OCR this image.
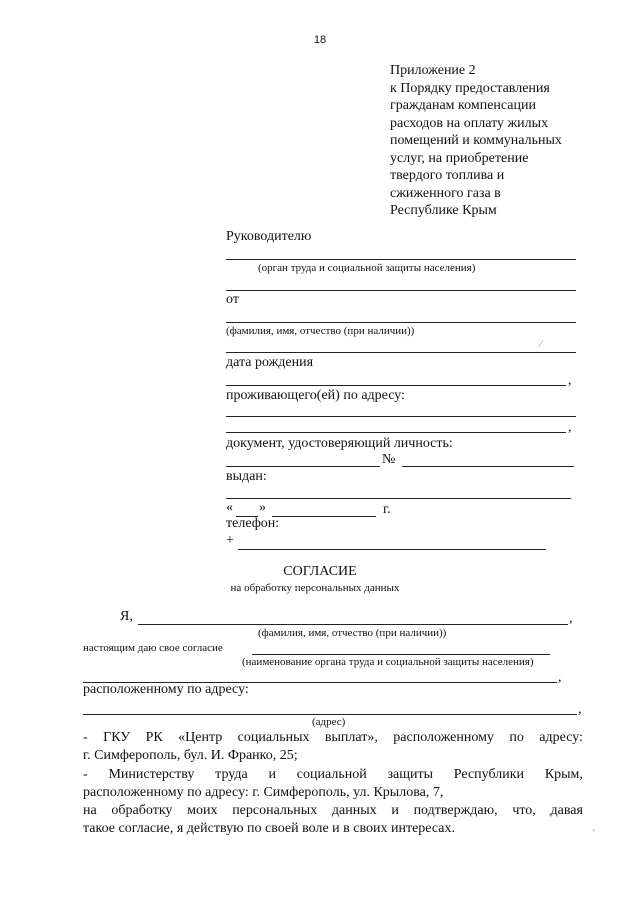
18
Приложение 2
к Порядку предоставления
гражданам компенсации
расходов на оплату жилых
помещений и коммунальных
услуг, на приобретение
твердого топлива и
сжиженного газа в
Республике Крым
Руководителю
(орган труда и социальной защиты населения)
от
(фамилия, имя, отчество (при наличии))
⁄
дата рождения
,
проживающего(ей) по адресу:
,
документ, удостоверяющий личность:
№
выдан:
« »	г.
телефон:
+
СОГЛАСИЕ
на обработку персональных данных
Я,	,
(фамилия, имя, отчество (при наличии))
настоящим даю свое согласие
(наименование органа труда и социальной защиты населения)
,
расположенному по адресу:
,
(адрес)
- ГКУ РК «Центр социальных выплат», расположенному по адресу:
г. Симферополь, бул. И. Франко, 25;
- Министерству труда и социальной защиты Республики Крым,
расположенному по адресу: г. Симферополь, ул. Крылова, 7,
на обработку моих персональных данных и подтверждаю, что, давая
такое согласие, я действую по своей воле и в своих интересах.
·
·
